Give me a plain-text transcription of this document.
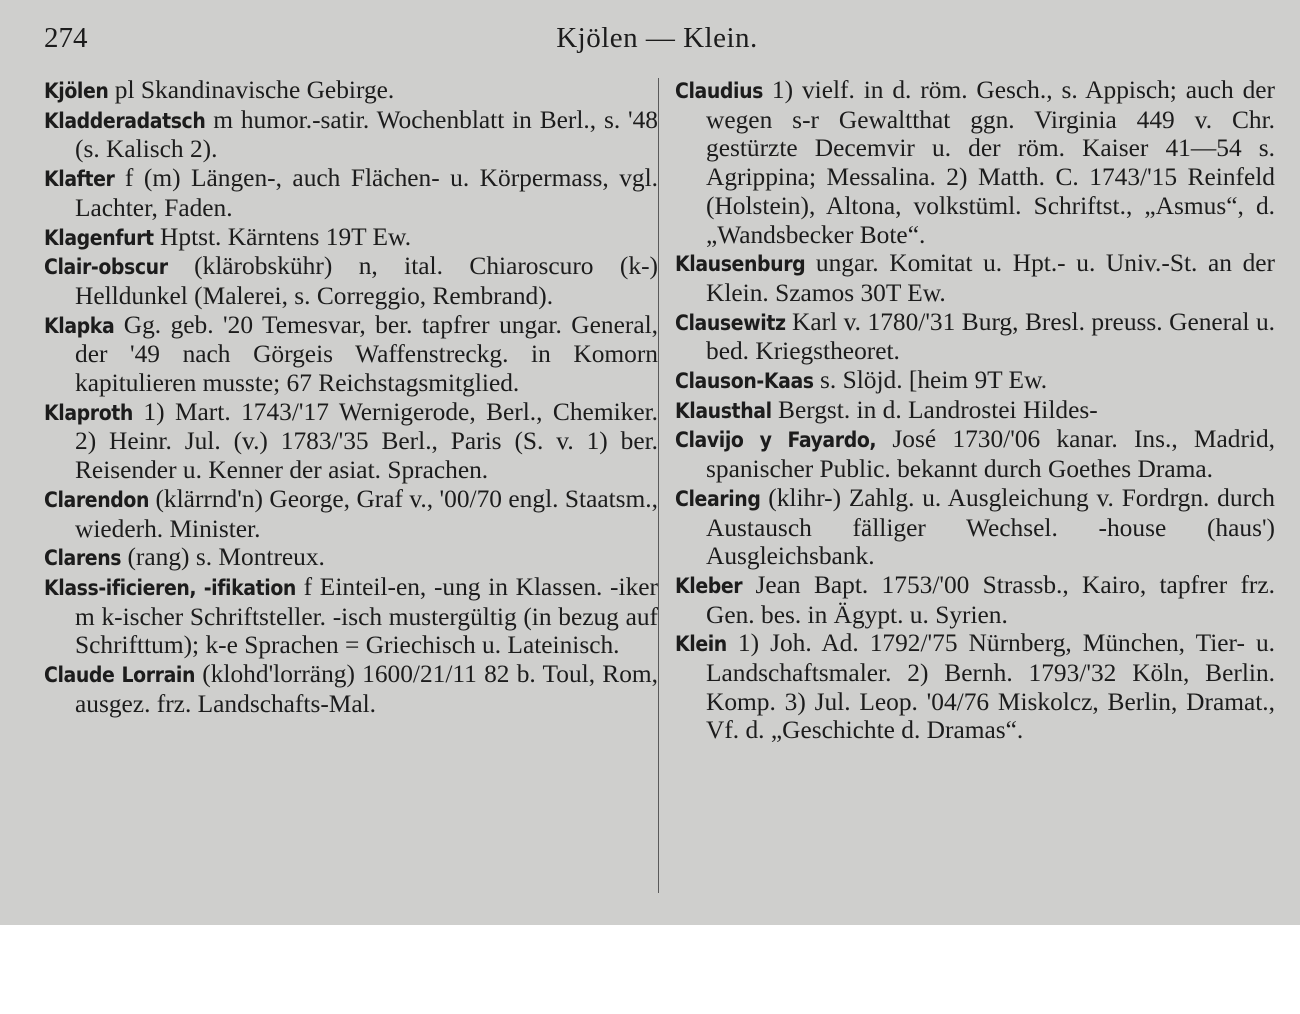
274	Kjölen — Klein.

Kjölen pl Skandinavische Gebirge.

Kladderadatsch m humor.-satir. Wochenblatt in Berl., s. '48 (s. Kalisch 2).

Klafter f (m) Längen-, auch Flächen- u. Körpermass, vgl. Lachter, Faden.

Klagenfurt Hptst. Kärntens 19T Ew.

Clair-obscur (klärobskühr) n, ital. Chiaroscuro (k-) Helldunkel (Malerei, s. Correggio, Rembrand).

Klapka Gg. geb. '20 Temesvar, ber. tapfrer ungar. General, der '49 nach Görgeis Waffenstreckg. in Komorn kapitulieren musste; 67 Reichstagsmitglied.

Klaproth 1) Mart. 1743/'17 Wernigerode, Berl., Chemiker. 2) Heinr. Jul. (v.) 1783/'35 Berl., Paris (S. v. 1) ber. Reisender u. Kenner der asiat. Sprachen.

Clarendon (klärrnd'n) George, Graf v., '00/70 engl. Staatsm., wiederh. Minister.

Clarens (rang) s. Montreux.

Klass-ificieren, -ifikation f Einteil-en, -ung in Klassen. -iker m k-ischer Schriftsteller. -isch mustergültig (in bezug auf Schrifttum); k-e Sprachen = Griechisch u. Lateinisch.

Claude Lorrain (klohd'lorräng) 1600/21/11 82 b. Toul, Rom, ausgez. frz. Landschafts-Mal.

Claudius 1) vielf. in d. röm. Gesch., s. Appisch; auch der wegen s-r Gewaltthat ggn. Virginia 449 v. Chr. gestürzte Decemvir u. der röm. Kaiser 41—54 s. Agrippina; Messalina. 2) Matth. C. 1743/'15 Reinfeld (Holstein), Altona, volkstüml. Schriftst., „Asmus“, d. „Wandsbecker Bote“.

Klausenburg ungar. Komitat u. Hpt.- u. Univ.-St. an der Klein. Szamos 30T Ew.

Clausewitz Karl v. 1780/'31 Burg, Bresl. preuss. General u. bed. Kriegstheoret.

Clauson-Kaas s. Slöjd. [heim 9T Ew.

Klausthal Bergst. in d. Landrostei Hildes-

Clavijo y Fayardo, José 1730/'06 kanar. Ins., Madrid, spanischer Public. bekannt durch Goethes Drama.

Clearing (klihr-) Zahlg. u. Ausgleichung v. Fordrgn. durch Austausch fälliger Wechsel. -house (haus') Ausgleichsbank.

Kleber Jean Bapt. 1753/'00 Strassb., Kairo, tapfrer frz. Gen. bes. in Ägypt. u. Syrien.

Klein 1) Joh. Ad. 1792/'75 Nürnberg, München, Tier- u. Landschaftsmaler. 2) Bernh. 1793/'32 Köln, Berlin. Komp. 3) Jul. Leop. '04/76 Miskolcz, Berlin, Dramat., Vf. d. „Geschichte d. Dramas“.
